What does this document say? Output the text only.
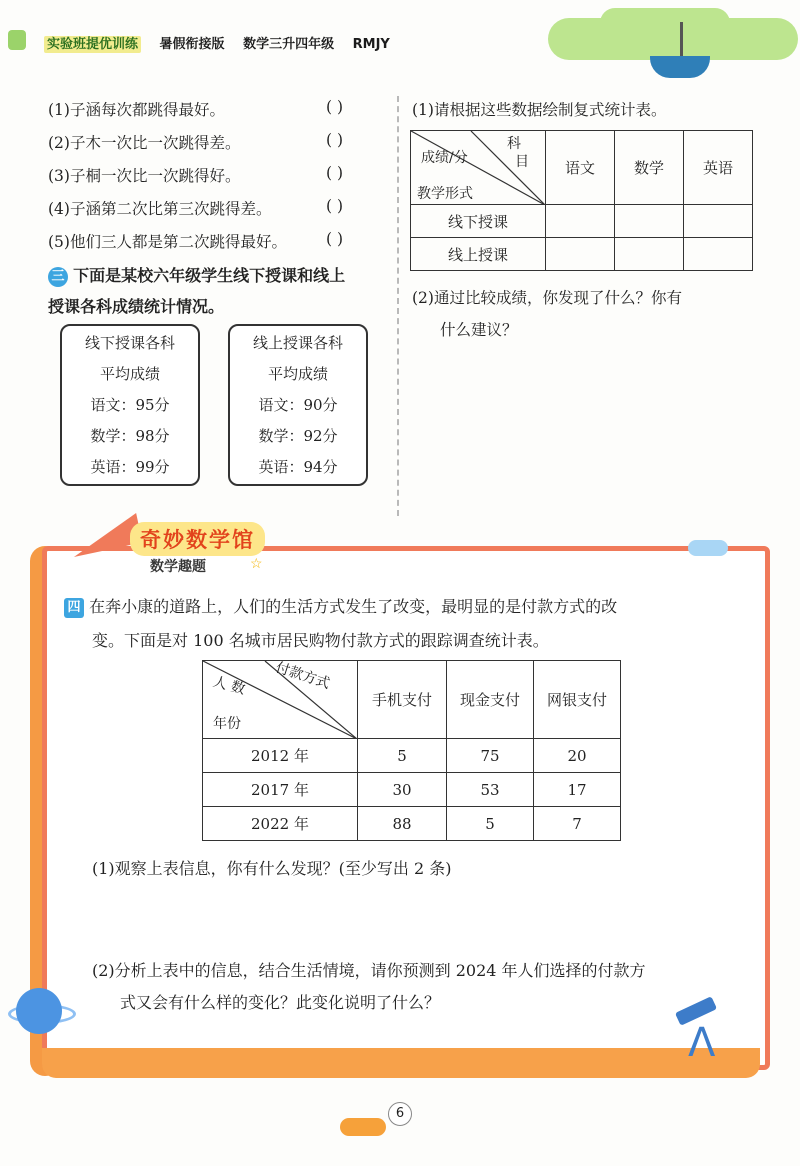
实验班提优训练 暑假衔接版 数学三升四年级 RMJY
(1)子涵每次都跳得最好。	( )
(2)子木一次比一次跳得差。	( )
(3)子桐一次比一次跳得好。	( )
(4)子涵第二次比第三次跳得差。	( )
(5)他们三人都是第二次跳得最好。	( )
三 下面是某校六年级学生线下授课和线上
授课各科成绩统计情况。
线下授课各科
平均成绩
语文：95分
数学：98分
英语：99分
线上授课各科
平均成绩
语文：90分
数学：92分
英语：94分
(1)请根据这些数据绘制复式统计表。
科
目
成绩/分
教学形式	语文	数学	英语
线下授课			
线上授课			
(2)通过比较成绩，你发现了什么？你有
什么建议？
奇妙数学馆
数学趣题	☆
四 在奔小康的道路上，人们的生活方式发生了改变，最明显的是付款方式的改
变。下面是对 100 名城市居民购物付款方式的跟踪调查统计表。
付款方式
人 数
年份	手机支付	现金支付	网银支付
2012 年	5	75	20
2017 年	30	53	17
2022 年	88	5	7
(1)观察上表信息，你有什么发现？(至少写出 2 条)
(2)分析上表中的信息，结合生活情境，请你预测到 2024 年人们选择的付款方
式又会有什么样的变化？此变化说明了什么？
Λ
6
